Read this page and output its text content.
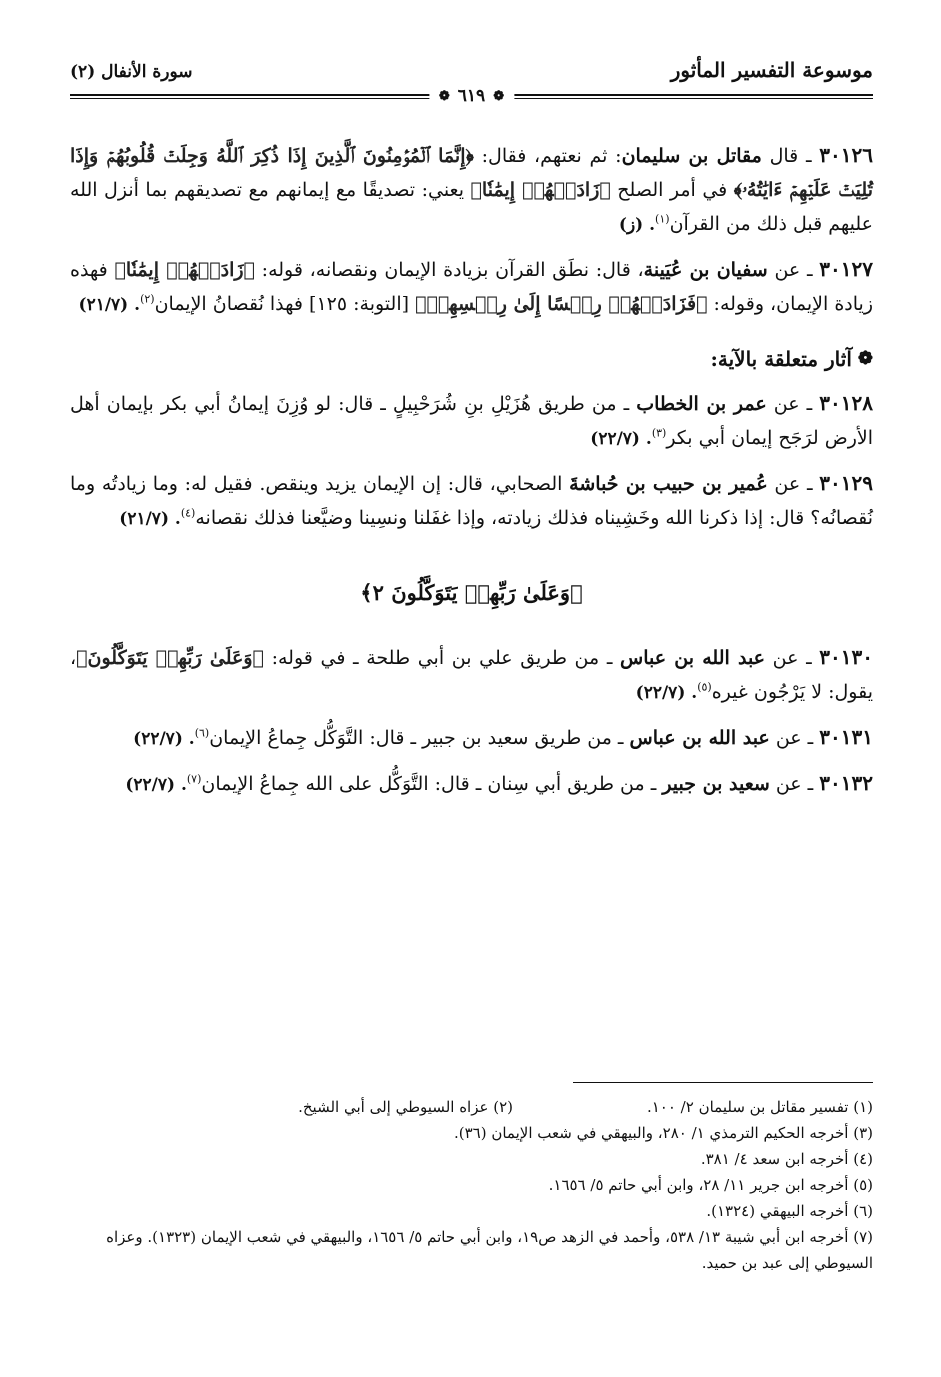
موسوعة التفسير المأثور
سورة الأنفال (٢)
❁
٦١٩
❁

٣٠١٢٦ ـ قال مقاتل بن سليمان: ثم نعتهم، فقال: ﴿إِنَّمَا ٱلۡمُؤۡمِنُونَ ٱلَّذِينَ إِذَا ذُكِرَ ٱللَّهُ وَجِلَتۡ قُلُوبُهُمۡ وَإِذَا تُلِيَتۡ عَلَيۡهِمۡ ءَايَٰتُهُۥ﴾ في أمر الصلح ﴿زَادَتۡهُمۡ إِيمَٰنٗا﴾ يعني: تصديقًا مع إيمانهم مع تصديقهم بما أنزل الله عليهم قبل ذلك من القرآن$^{(١)}$. (ز)

٣٠١٢٧ ـ عن سفيان بن عُيَينة، قال: نطَق القرآن بزيادة الإيمان ونقصانه، قوله: ﴿زَادَتۡهُمۡ إِيمَٰنٗا﴾ فهذه زيادة الإيمان، وقوله: ﴿فَزَادَتۡهُمۡ رِجۡسًا إِلَىٰ رِجۡسِهِمۡ﴾ [التوبة: ١٢٥] فهذا نُقصانُ الإيمان$^{(٢)}$. (٢١/٧)

❁
آثار متعلقة بالآية:

٣٠١٢٨ ـ عن عمر بن الخطاب ـ من طريق هُزَيْلِ بنِ شُرَحْبِيلٍ ـ قال: لو وُزِنَ إيمانُ أبي بكر بإيمان أهل الأرض لرَجَح إيمان أبي بكر$^{(٣)}$. (٢٢/٧)

٣٠١٢٩ ـ عن عُمير بن حبيب بن حُباشةَ الصحابي، قال: إن الإيمان يزيد وينقص. فقيل له: وما زيادتُه وما نُقصانُه؟ قال: إذا ذكرنا الله وخَشِيناه فذلك زيادته، وإذا غفَلنا ونسِينا وضيَّعنا فذلك نقصانه$^{(٤)}$. (٢١/٧)

﴿وَعَلَىٰ رَبِّهِمۡ يَتَوَكَّلُونَ ٢﴾

٣٠١٣٠ ـ عن عبد الله بن عباس ـ من طريق علي بن أبي طلحة ـ في قوله: ﴿وَعَلَىٰ رَبِّهِمۡ يَتَوَكَّلُونَ﴾، يقول: لا يَرْجُون غيره$^{(٥)}$. (٢٢/٧)

٣٠١٣١ ـ عن عبد الله بن عباس ـ من طريق سعيد بن جبير ـ قال: التَّوَكُّل جِماعُ الإيمان$^{(٦)}$. (٢٢/٧)

٣٠١٣٢ ـ عن سعيد بن جبير ـ من طريق أبي سِنان ـ قال: التَّوَكُّل على الله جِماعُ الإيمان$^{(٧)}$. (٢٢/٧)

(١) تفسير مقاتل بن سليمان ٢/ ١٠٠.
(٢) عزاه السيوطي إلى أبي الشيخ.
(٣) أخرجه الحكيم الترمذي ١/ ٢٨٠، والبيهقي في شعب الإيمان (٣٦).
(٤) أخرجه ابن سعد ٤/ ٣٨١.
(٥) أخرجه ابن جرير ١١/ ٢٨، وابن أبي حاتم ٥/ ١٦٥٦.
(٦) أخرجه البيهقي (١٣٢٤).
(٧) أخرجه ابن أبي شيبة ١٣/ ٥٣٨، وأحمد في الزهد ص١٩، وابن أبي حاتم ٥/ ١٦٥٦، والبيهقي في شعب الإيمان (١٣٢٣). وعزاه السيوطي إلى عبد بن حميد.
